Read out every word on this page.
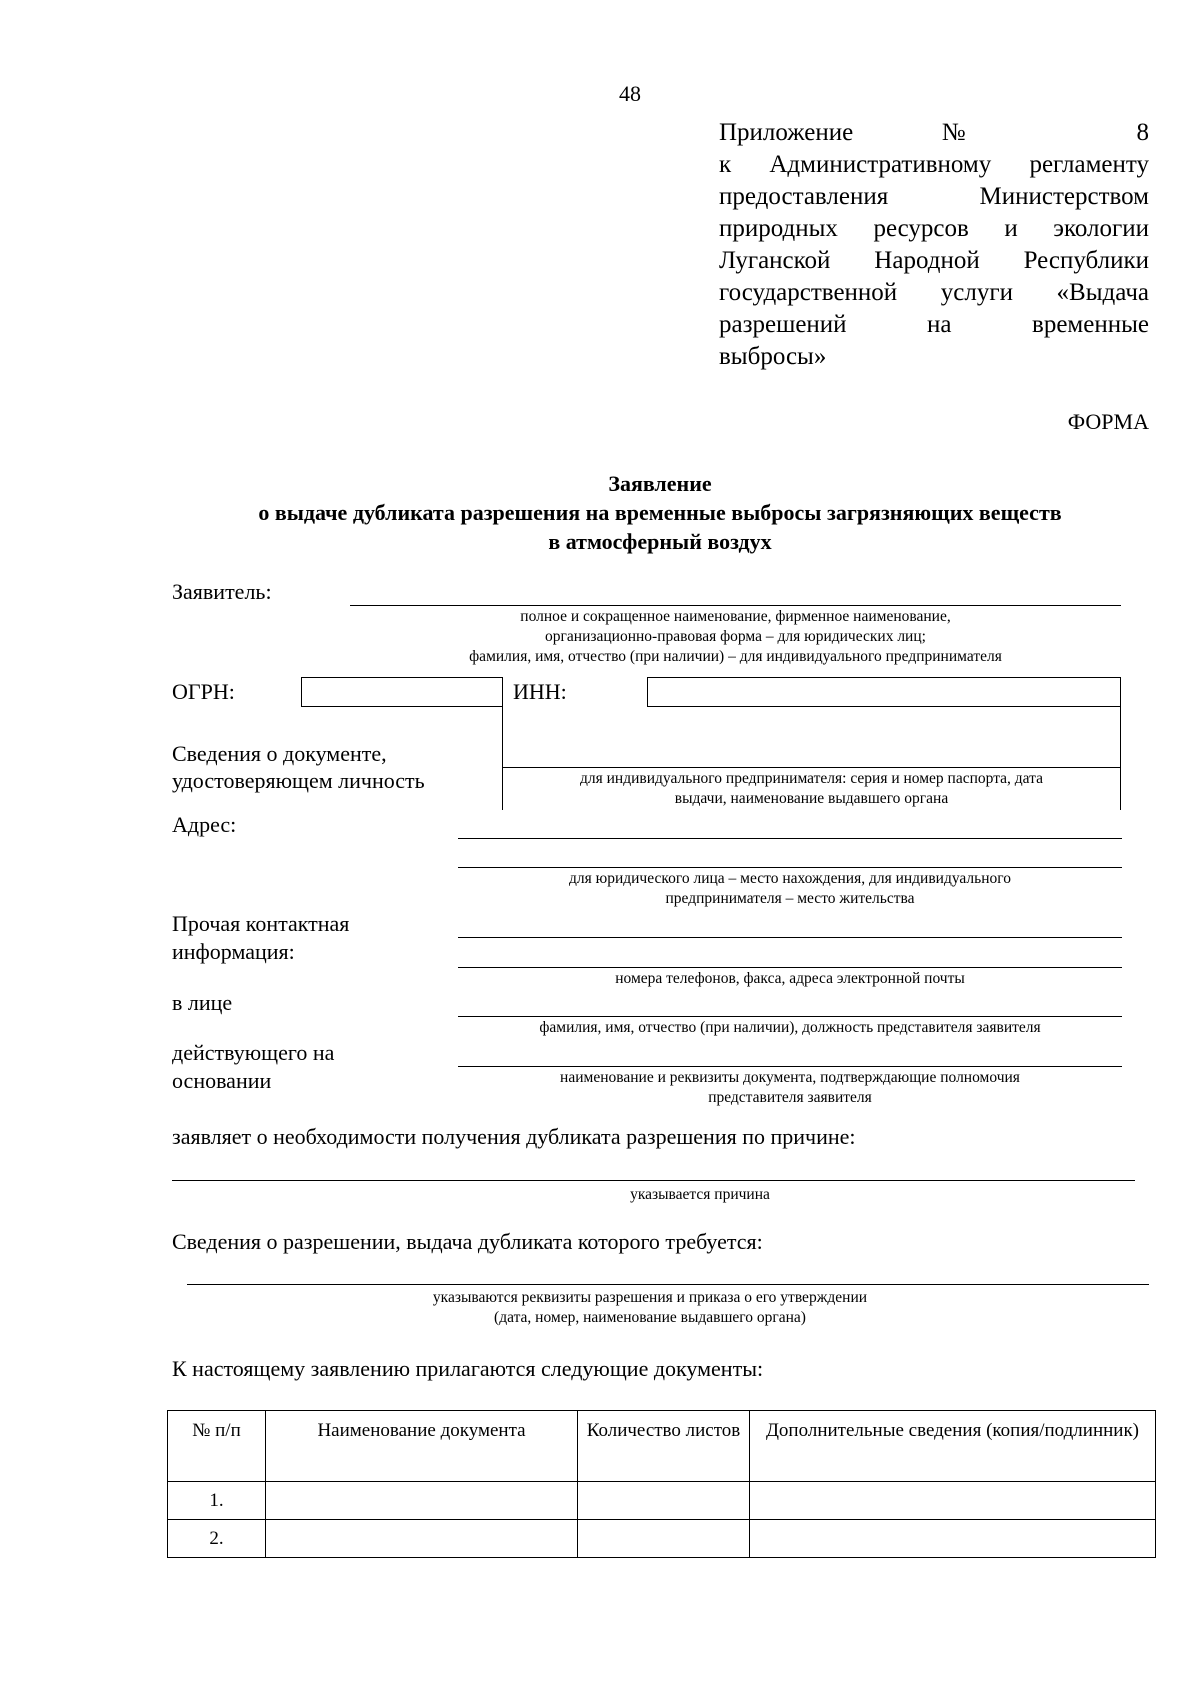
48
Приложение № 8
к Административному регламенту
предоставления Министерством
природных ресурсов и экологии
Луганской Народной Республики
государственной услуги «Выдача
разрешений на временные
выбросы»
ФОРМА
Заявление
о выдаче дубликата разрешения на временные выбросы загрязняющих веществ
в атмосферный воздух
Заявитель:
полное и сокращенное наименование, фирменное наименование,
организационно-правовая форма – для юридических лиц;
фамилия, имя, отчество (при наличии) – для индивидуального предпринимателя
ОГРН:	ИНН:
Сведения о документе,
удостоверяющем личность	для индивидуального предпринимателя: серия и номер паспорта, дата
выдачи, наименование выдавшего органа
Адрес:
для юридического лица – место нахождения, для индивидуального
предпринимателя – место жительства
Прочая контактная
информация:
номера телефонов, факса, адреса электронной почты
в лице
фамилия, имя, отчество (при наличии), должность представителя заявителя
действующего на
основании	наименование и реквизиты документа, подтверждающие полномочия
представителя заявителя
заявляет о необходимости получения дубликата разрешения по причине:
указывается причина
Сведения о разрешении, выдача дубликата которого требуется:
указываются реквизиты разрешения и приказа о его утверждении
(дата, номер, наименование выдавшего органа)
К настоящему заявлению прилагаются следующие документы:
№ п/п	Наименование документа	Количество листов	Дополнительные сведения (копия/подлинник)
1.			
2.			
